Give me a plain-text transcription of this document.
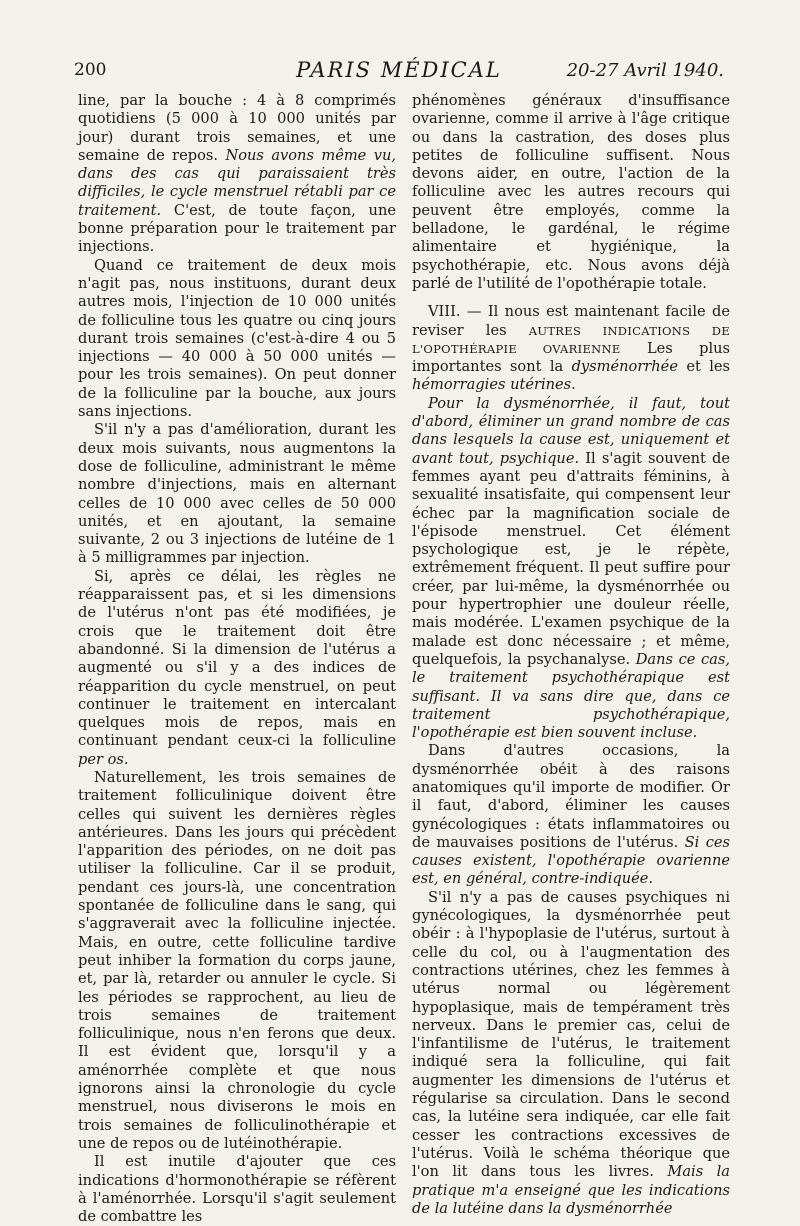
200	PARIS MÉDICAL	20-27 Avril 1940.

line, par la bouche : 4 à 8 comprimés quotidiens (5 000 à 10 000 unités par jour) durant trois semaines, et une semaine de repos. Nous avons même vu, dans des cas qui paraissaient très difficiles, le cycle menstruel rétabli par ce traitement. C'est, de toute façon, une bonne préparation pour le traitement par injections.

Quand ce traitement de deux mois n'agit pas, nous instituons, durant deux autres mois, l'injection de 10 000 unités de folliculine tous les quatre ou cinq jours durant trois semaines (c'est-à-dire 4 ou 5 injections — 40 000 à 50 000 unités — pour les trois semaines). On peut donner de la folliculine par la bouche, aux jours sans injections.

S'il n'y a pas d'amélioration, durant les deux mois suivants, nous augmentons la dose de folliculine, administrant le même nombre d'injections, mais en alternant celles de 10 000 avec celles de 50 000 unités, et en ajoutant, la semaine suivante, 2 ou 3 injections de lutéine de 1 à 5 milligrammes par injection.

Si, après ce délai, les règles ne réapparaissent pas, et si les dimensions de l'utérus n'ont pas été modifiées, je crois que le traitement doit être abandonné. Si la dimension de l'utérus a augmenté ou s'il y a des indices de réapparition du cycle menstruel, on peut continuer le traitement en intercalant quelques mois de repos, mais en continuant pendant ceux-ci la folliculine per os.

Naturellement, les trois semaines de traitement folliculinique doivent être celles qui suivent les dernières règles antérieures. Dans les jours qui précèdent l'apparition des périodes, on ne doit pas utiliser la folliculine. Car il se produit, pendant ces jours-là, une concentration spontanée de folliculine dans le sang, qui s'aggraverait avec la folliculine injectée. Mais, en outre, cette folliculine tardive peut inhiber la formation du corps jaune, et, par là, retarder ou annuler le cycle. Si les périodes se rapprochent, au lieu de trois semaines de traitement folliculinique, nous n'en ferons que deux. Il est évident que, lorsqu'il y a aménorrhée complète et que nous ignorons ainsi la chronologie du cycle menstruel, nous diviserons le mois en trois semaines de folliculinothérapie et une de repos ou de lutéinothérapie.

Il est inutile d'ajouter que ces indications d'hormonothérapie se réfèrent à l'aménorrhée. Lorsqu'il s'agit seulement de combattre les

phénomènes généraux d'insuffisance ovarienne, comme il arrive à l'âge critique ou dans la castration, des doses plus petites de folliculine suffisent. Nous devons aider, en outre, l'action de la folliculine avec les autres recours qui peuvent être employés, comme la belladone, le gardénal, le régime alimentaire et hygiénique, la psychothérapie, etc. Nous avons déjà parlé de l'utilité de l'opothérapie totale.

VIII. — Il nous est maintenant facile de reviser les AUTRES INDICATIONS DE L'OPOTHÉRAPIE OVARIENNE Les plus importantes sont la dysménorrhée et les hémorragies utérines.

Pour la dysménorrhée, il faut, tout d'abord, éliminer un grand nombre de cas dans lesquels la cause est, uniquement et avant tout, psychique. Il s'agit souvent de femmes ayant peu d'attraits féminins, à sexualité insatisfaite, qui compensent leur échec par la magnification sociale de l'épisode menstruel. Cet élément psychologique est, je le répète, extrêmement fréquent. Il peut suffire pour créer, par lui-même, la dysménorrhée ou pour hypertrophier une douleur réelle, mais modérée. L'examen psychique de la malade est donc nécessaire ; et même, quelquefois, la psychanalyse. Dans ce cas, le traitement psychothérapique est suffisant. Il va sans dire que, dans ce traitement psychothérapique, l'opothérapie est bien souvent incluse.

Dans d'autres occasions, la dysménorrhée obéit à des raisons anatomiques qu'il importe de modifier. Or il faut, d'abord, éliminer les causes gynécologiques : états inflammatoires ou de mauvaises positions de l'utérus. Si ces causes existent, l'opothérapie ovarienne est, en général, contre-indiquée.

S'il n'y a pas de causes psychiques ni gynécologiques, la dysménorrhée peut obéir : à l'hypoplasie de l'utérus, surtout à celle du col, ou à l'augmentation des contractions utérines, chez les femmes à utérus normal ou légèrement hypoplasique, mais de tempérament très nerveux. Dans le premier cas, celui de l'infantilisme de l'utérus, le traitement indiqué sera la folliculine, qui fait augmenter les dimensions de l'utérus et régularise sa circulation. Dans le second cas, la lutéine sera indiquée, car elle fait cesser les contractions excessives de l'utérus. Voilà le schéma théorique que l'on lit dans tous les livres. Mais la pratique m'a enseigné que les indications de la lutéine dans la dysménorrhée
